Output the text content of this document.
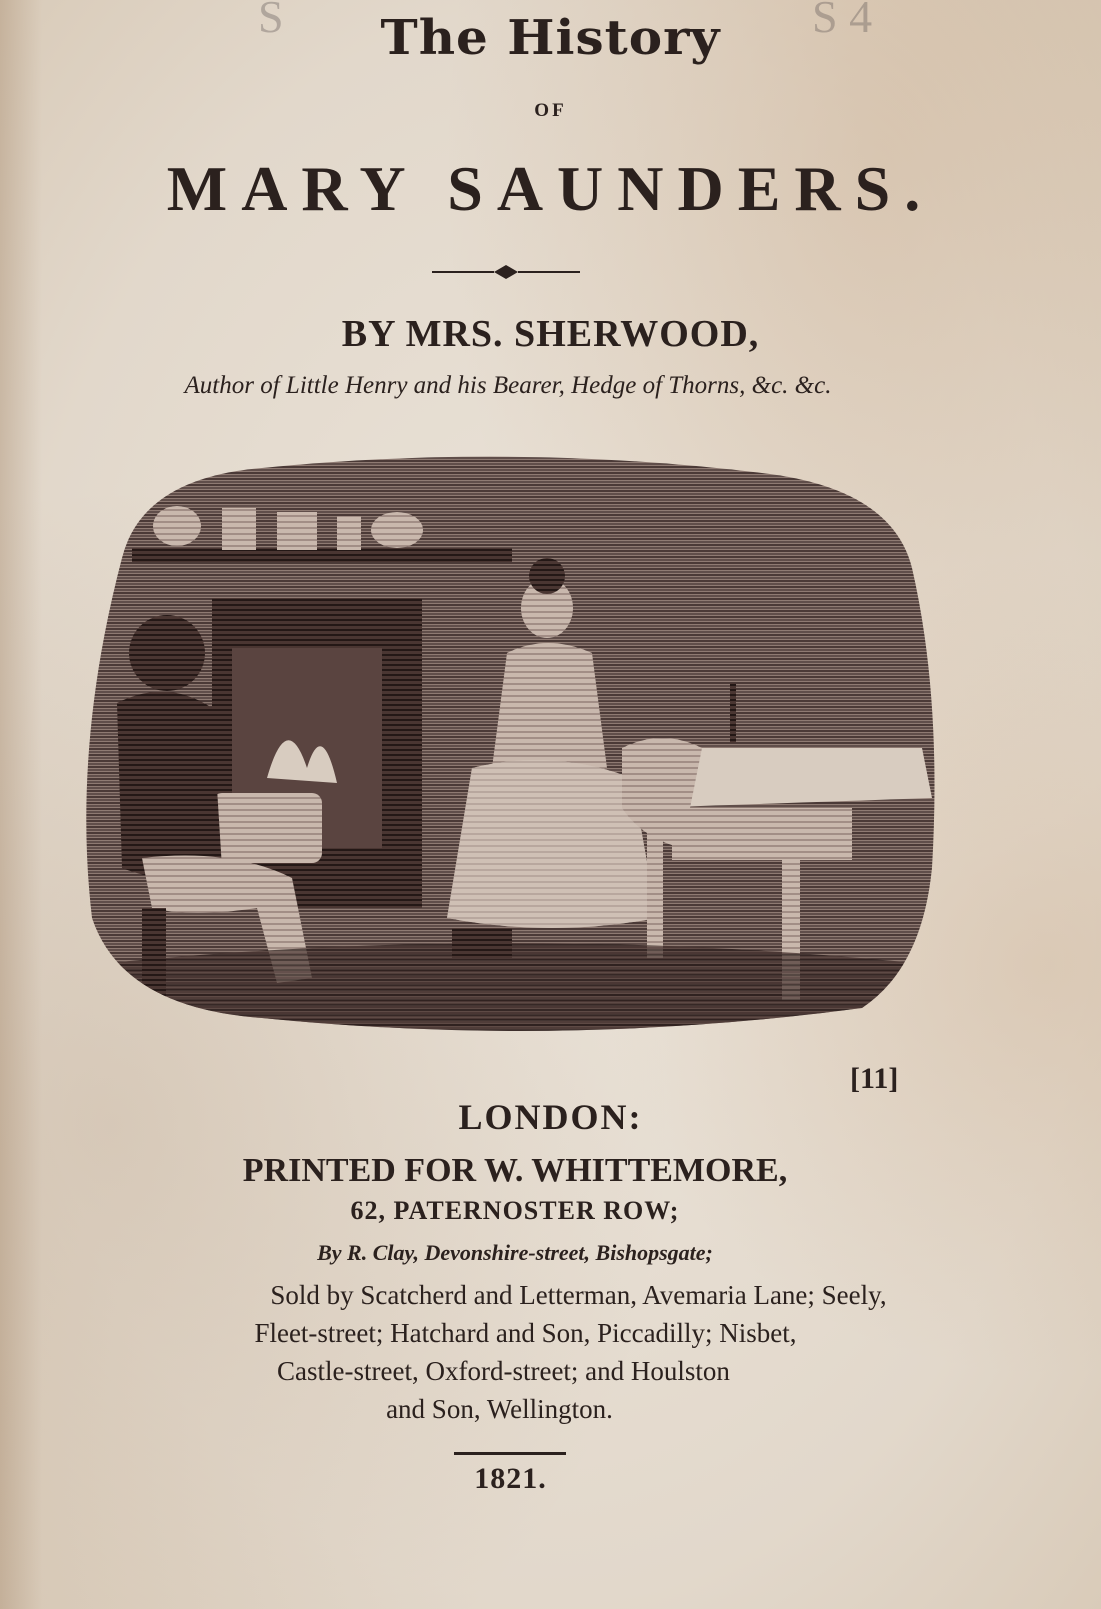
S	S 4
The History
OF
MARY SAUNDERS.
BY MRS. SHERWOOD,
Author of Little Henry and his Bearer, Hedge of Thorns, &c. &c.
[11]
LONDON:
PRINTED FOR W. WHITTEMORE,
62, PATERNOSTER ROW;
By R. Clay, Devonshire-street, Bishopsgate;
Sold by Scatcherd and Letterman, Avemaria Lane; Seely,
Fleet-street; Hatchard and Son, Piccadilly; Nisbet,
Castle-street, Oxford-street; and Houlston
and Son, Wellington.
1821.
